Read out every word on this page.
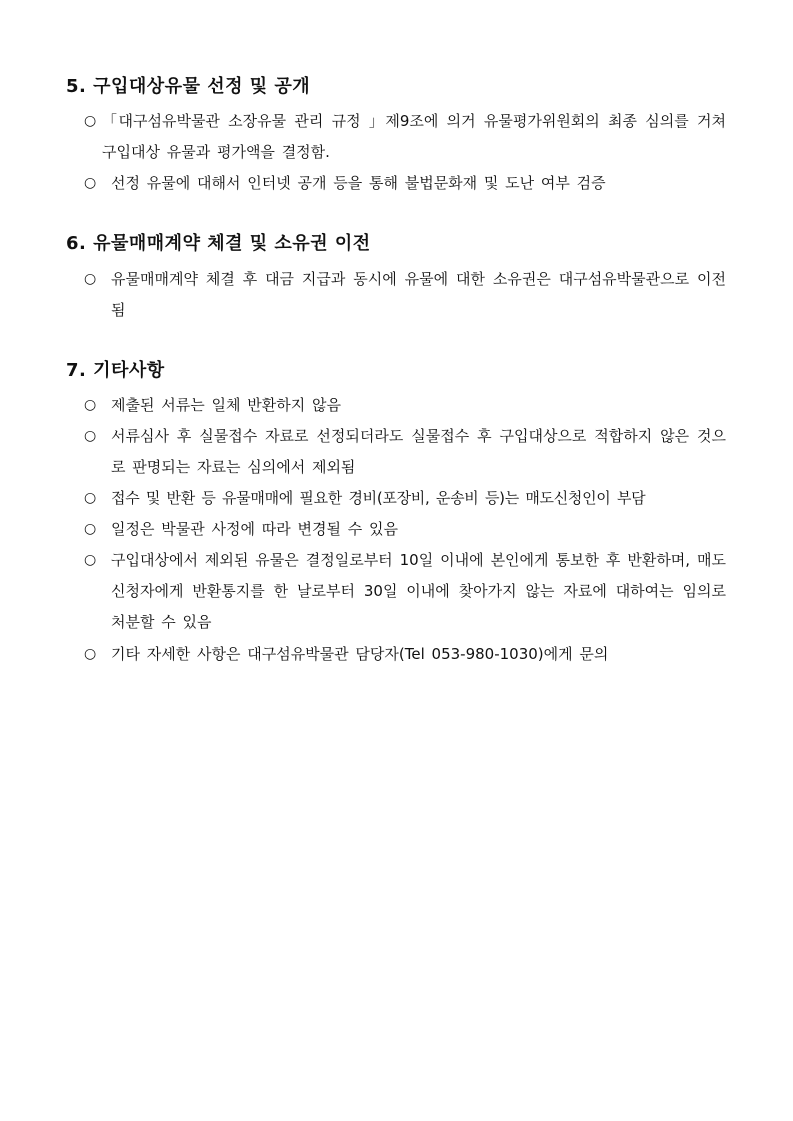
5. 구입대상유물 선정 및 공개
○ 「대구섬유박물관 소장유물 관리 규정 」제9조에 의거 유물평가위원회의 최종 심의를 거쳐 구입대상 유물과 평가액을 결정함.
○ 선정 유물에 대해서 인터넷 공개 등을 통해 불법문화재 및 도난 여부 검증
6. 유물매매계약 체결 및 소유권 이전
○ 유물매매계약 체결 후 대금 지급과 동시에 유물에 대한 소유권은 대구섬유박물관으로 이전됨
7. 기타사항
○ 제출된 서류는 일체 반환하지 않음
○ 서류심사 후 실물접수 자료로 선정되더라도 실물접수 후 구입대상으로 적합하지 않은 것으로 판명되는 자료는 심의에서 제외됨
○ 접수 및 반환 등 유물매매에 필요한 경비(포장비, 운송비 등)는 매도신청인이 부담
○ 일정은 박물관 사정에 따라 변경될 수 있음
○ 구입대상에서 제외된 유물은 결정일로부터 10일 이내에 본인에게 통보한 후 반환하며, 매도신청자에게 반환통지를 한 날로부터 30일 이내에 찾아가지 않는 자료에 대하여는 임의로 처분할 수 있음
○ 기타 자세한 사항은 대구섬유박물관 담당자(Tel 053-980-1030)에게 문의
